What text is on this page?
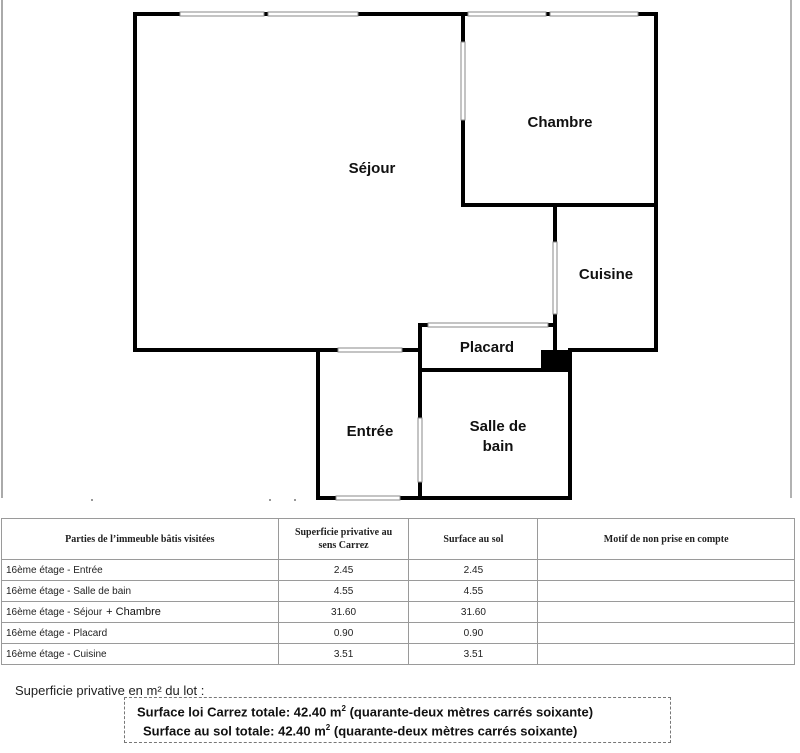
Séjour
Chambre
Cuisine
Placard
Entrée	Salle de
bain
Parties de l’immeuble bâtis visitées	Superficie privative au
sens Carrez	Surface au sol	Motif de non prise en compte
16ème étage - Entrée	2.45	2.45	
16ème étage - Salle de bain	4.55	4.55	
16ème étage - Séjour + Chambre	31.60	31.60	
16ème étage - Placard	0.90	0.90	
16ème étage - Cuisine	3.51	3.51	
Superficie privative en m² du lot :
Surface loi Carrez totale: 42.40 $m^2$ (quarante-deux mètres carrés soixante)
Surface au sol totale: 42.40 $m^2$ (quarante-deux mètres carrés soixante)
